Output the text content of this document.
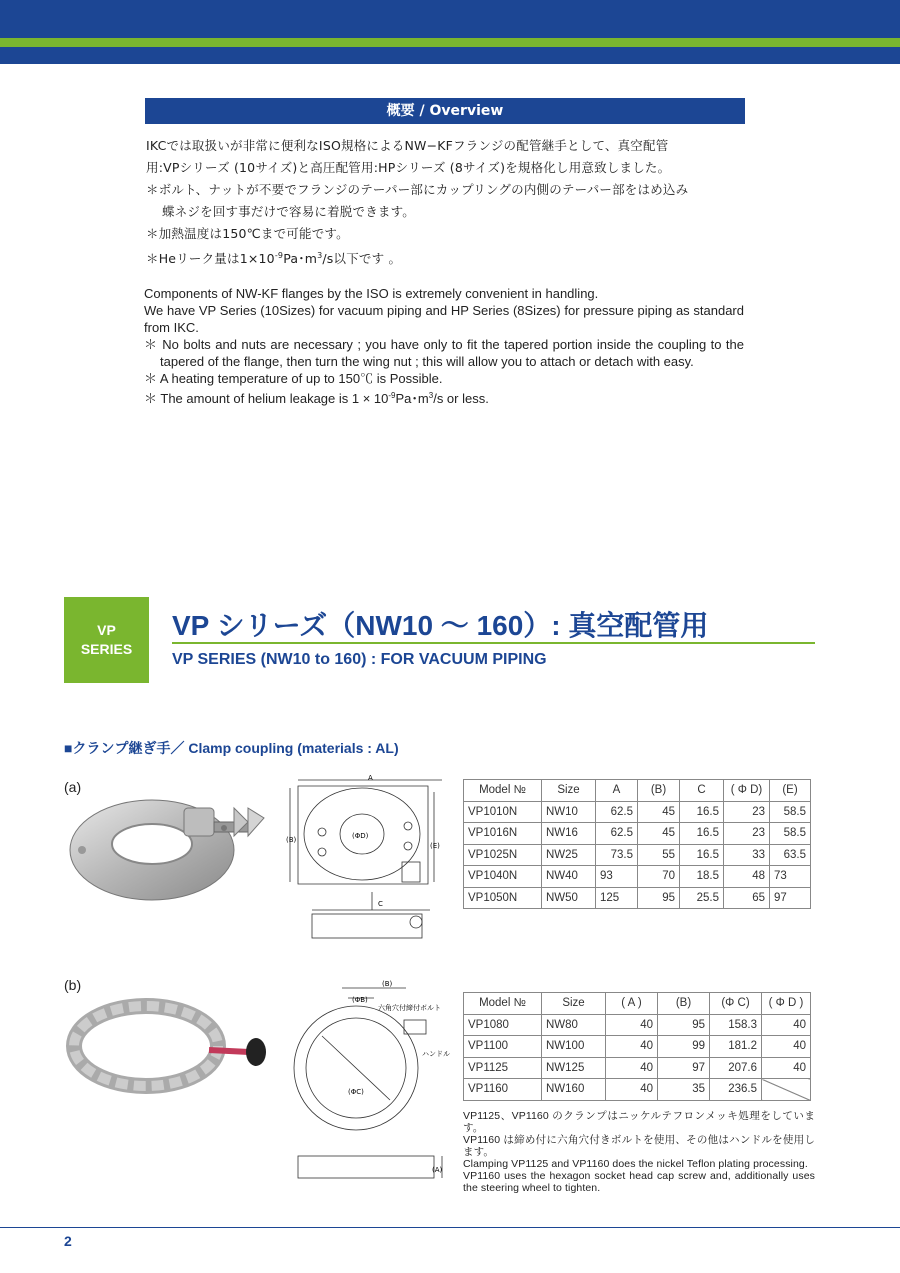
概要 / Overview
IKCでは取扱いが非常に便利なISO規格によるNW−KFフランジの配管継手として、真空配管
用:VPシリーズ (10サイズ)と高圧配管用:HPシリーズ (8サイズ)を規格化し用意致しました。
＊ボルト、ナットが不要でフランジのテーパー部にカップリングの内側のテーパー部をはめ込み
蝶ネジを回す事だけで容易に着脱できます。
＊加熱温度は150℃まで可能です。
＊Heリーク量は$1\times 10^{-9}Pa$･$m^3/s$以下です 。
Components of NW-KF flanges by the ISO is extremely convenient in handling.
We have VP Series (10Sizes) for vacuum piping and HP Series (8Sizes) for pressure piping as standard from IKC.
＊ No bolts and nuts are necessary ; you have only to fit the tapered portion inside the coupling to the tapered of the flange, then turn the wing nut ; this will allow you to attach or detach with easy.
＊ A heating temperature of up to 150℃ is Possible.
＊ The amount of helium leakage is $1 \times 10^{-9}Pa$･$m^3/s$ or less.
VP
SERIES
VP シリーズ（NW10 ～ 160）: 真空配管用
VP SERIES (NW10 to 160) : FOR VACUUM PIPING
■クランプ継ぎ手／ Clamp coupling (materials : AL)
(a)
(b)
A
(B)
(E)
(ΦD)
C
(B)
(ΦB)
六角穴付締付ボルト
ハンドル
(ΦC)
(A)
Model №	Size	A	(B)	C	( Φ D)	(E)
VP1010N	NW10	62.5	45	16.5	23	58.5
VP1016N	NW16	62.5	45	16.5	23	58.5
VP1025N	NW25	73.5	55	16.5	33	63.5
VP1040N	NW40	93	70	18.5	48	73
VP1050N	NW50	125	95	25.5	65	97
Model №	Size	( A )	(B)	(Φ C)	( Φ D )
VP1080	NW80	40	95	158.3	40
VP1100	NW100	40	99	181.2	40
VP1125	NW125	40	97	207.6	40
VP1160	NW160	40	35	236.5	
VP1125、VP1160 のクランプはニッケルテフロンメッキ処理をしています。
VP1160 は締め付に六角穴付きボルトを使用、その他はハンドルを使用します。
Clamping VP1125 and VP1160 does the nickel Teflon plating processing.
VP1160 uses the hexagon socket head cap screw and, additionally uses the steering wheel to tighten.
2
